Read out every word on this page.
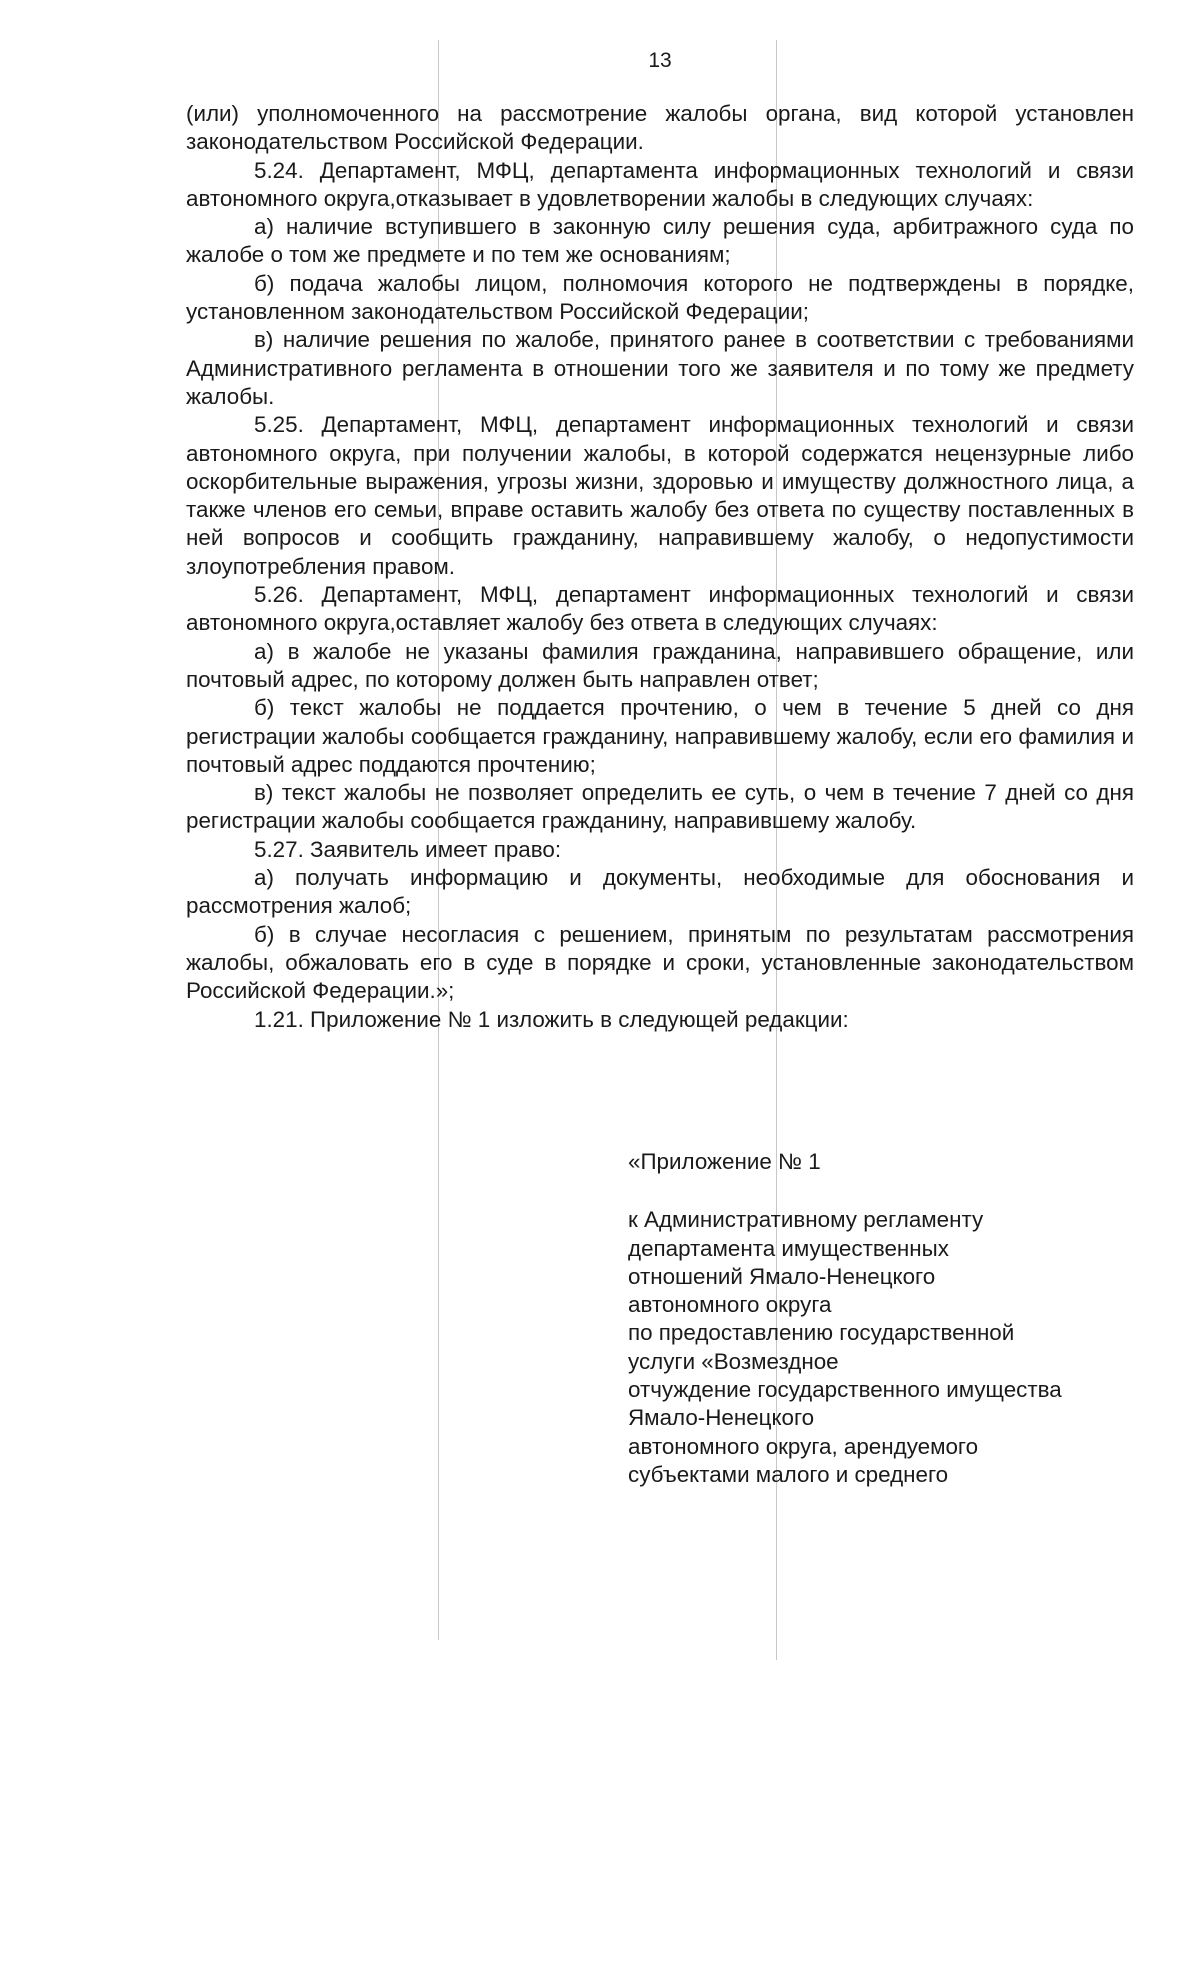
13

(или) уполномоченного на рассмотрение жалобы органа, вид которой установлен законодательством Российской Федерации.

5.24. Департамент, МФЦ, департамента информационных технологий и связи автономного округа,отказывает в удовлетворении жалобы в следующих случаях:

а) наличие вступившего в законную силу решения суда, арбитражного суда по жалобе о том же предмете и по тем же основаниям;

б) подача жалобы лицом, полномочия которого не подтверждены в порядке, установленном законодательством Российской Федерации;

в) наличие решения по жалобе, принятого ранее в соответствии с требованиями Административного регламента в отношении того же заявителя и по тому же предмету жалобы.

5.25. Департамент, МФЦ, департамент информационных технологий и связи автономного округа, при получении жалобы, в которой содержатся нецензурные либо оскорбительные выражения, угрозы жизни, здоровью и имуществу должностного лица, а также членов его семьи, вправе оставить жалобу без ответа по существу поставленных в ней вопросов и сообщить гражданину, направившему жалобу, о недопустимости злоупотребления правом.

5.26. Департамент, МФЦ, департамент информационных технологий и связи автономного округа,оставляет жалобу без ответа в следующих случаях:

а) в жалобе не указаны фамилия гражданина, направившего обращение, или почтовый адрес, по которому должен быть направлен ответ;

б) текст жалобы не поддается прочтению, о чем в течение 5 дней со дня регистрации жалобы сообщается гражданину, направившему жалобу, если его фамилия и почтовый адрес поддаются прочтению;

в) текст жалобы не позволяет определить ее суть, о чем в течение 7 дней со дня регистрации жалобы сообщается гражданину, направившему жалобу.

5.27. Заявитель имеет право:

а) получать информацию и документы, необходимые для обоснования и рассмотрения жалоб;

б) в случае несогласия с решением, принятым по результатам рассмотрения жалобы, обжаловать его в суде в порядке и сроки, установленные законодательством Российской Федерации.»;

1.21. Приложение № 1 изложить в следующей редакции:

«Приложение № 1

к Административному регламенту

департамента имущественных

отношений Ямало-Ненецкого

автономного округа

по предоставлению государственной

услуги «Возмездное

отчуждение государственного имущества

Ямало-Ненецкого

автономного округа, арендуемого

субъектами малого и среднего
